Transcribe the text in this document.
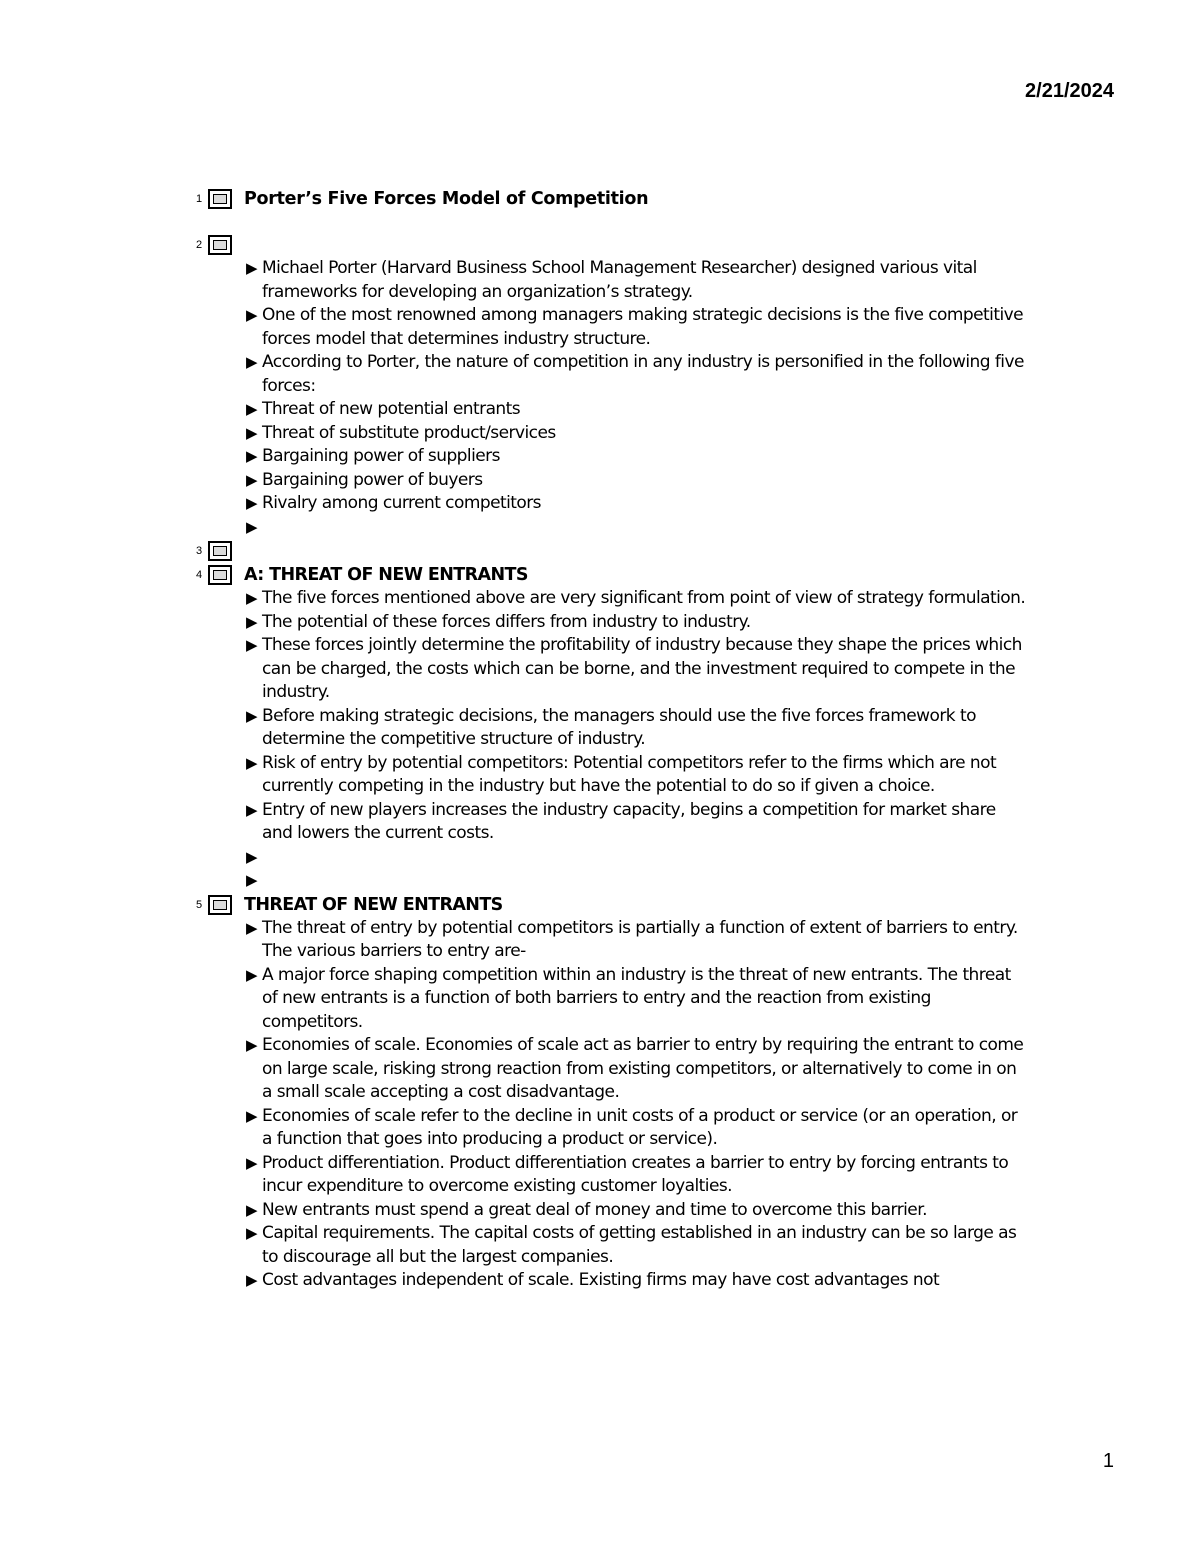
2/21/2024
1 Porter’s Five Forces Model of Competition
2
▶ Michael Porter (Harvard Business School Management Researcher) designed various vital frameworks for developing an organization’s strategy.
▶ One of the most renowned among managers making strategic decisions is the five competitive forces model that determines industry structure.
▶ According to Porter, the nature of competition in any industry is personified in the following five forces:
▶ Threat of new potential entrants
▶ Threat of substitute product/services
▶ Bargaining power of suppliers
▶ Bargaining power of buyers
▶ Rivalry among current competitors
▶

3
4 A: THREAT OF NEW ENTRANTS
▶ The five forces mentioned above are very significant from point of view of strategy formulation.
▶ The potential of these forces differs from industry to industry.
▶ These forces jointly determine the profitability of industry because they shape the prices which can be charged, the costs which can be borne, and the investment required to compete in the industry.
▶ Before making strategic decisions, the managers should use the five forces framework to determine the competitive structure of industry.
▶ Risk of entry by potential competitors: Potential competitors refer to the firms which are not currently competing in the industry but have the potential to do so if given a choice.
▶ Entry of new players increases the industry capacity, begins a competition for market share and lowers the current costs.
▶

▶

5 THREAT OF NEW ENTRANTS
▶ The threat of entry by potential competitors is partially a function of extent of barriers to entry. The various barriers to entry are-
▶ A major force shaping competition within an industry is the threat of new entrants. The threat of new entrants is a function of both barriers to entry and the reaction from existing competitors.
▶ Economies of scale. Economies of scale act as barrier to entry by requiring the entrant to come on large scale, risking strong reaction from existing competitors, or alternatively to come in on a small scale accepting a cost disadvantage.
▶ Economies of scale refer to the decline in unit costs of a product or service (or an operation, or a function that goes into producing a product or service).
▶ Product differentiation. Product differentiation creates a barrier to entry by forcing entrants to incur expenditure to overcome existing customer loyalties.
▶ New entrants must spend a great deal of money and time to overcome this barrier.
▶ Capital requirements. The capital costs of getting established in an industry can be so large as to discourage all but the largest companies.
▶ Cost advantages independent of scale. Existing firms may have cost advantages not
1
